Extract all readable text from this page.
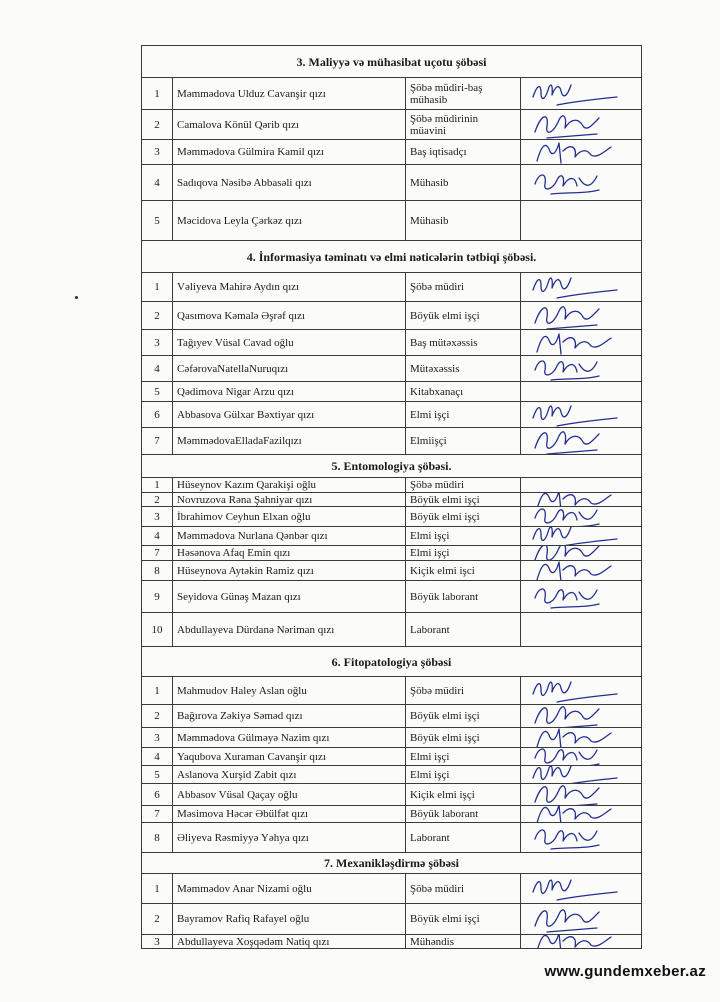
3. Maliyyə və mühasibat uçotu şöbəsi			
1	Məmmədova Ulduz Cavanşir qızı	Şöbə müdiri-baş mühasib	

2	Camalova Könül Qərib qızı	Şöbə müdirinin müavini	

3	Məmmədova Gülmira Kamil qızı	Baş iqtisadçı	

4	Sadıqova Nəsibə Abbasəli qızı	Mühasib	

5	Məcidova Leyla Çərkəz qızı	Mühasib	
4. İnformasiya təminatı və elmi nəticələrin tətbiqi şöbəsi.			
1	Vəliyeva Mahirə Aydın qızı	Şöbə müdiri	

2	Qasımova Kəmalə Əşrəf qızı	Böyük elmi işçi	

3	Tağıyev Vüsal Cavad oğlu	Baş mütəxəssis	

4	CəfərovaNatellaNuruqızı	Mütəxəssis	

5	Qədimova Nigar Arzu qızı	Kitabxanaçı	
6	Abbasova Gülxar Bəxtiyar qızı	Elmi işçi	

7	MəmmədovaElladaFazilqızı	Elmiişçi	

5. Entomologiya şöbəsi.			
1	Hüseynov Kazım Qarakişi oğlu	Şöbə müdiri	
2	Novruzova Rəna Şahniyar qızı	Böyük elmi işçi	

3	İbrahimov Ceyhun Elxan oğlu	Böyük elmi işçi	

4	Məmmədova Nurlana Qənbər qızı	Elmi işçi	

7	Həsənova Afaq Emin qızı	Elmi işçi	

8	Hüseynova Aytəkin Ramiz qızı	Kiçik elmi işci	

9	Seyidova Günəş Mazan qızı	Böyük laborant	

10	Abdullayeva Dürdanə Nəriman qızı	Laborant	
6. Fitopatologiya şöbəsi			
1	Mahmudov Haley Aslan oğlu	Şöbə müdiri	

2	Bağırova Zəkiyə Səməd qızı	Böyük elmi işçi	

3	Məmmədova Gülməyə Nazim qızı	Böyük elmi işçi	

4	Yaqubova Xuraman Cavanşir qızı	Elmi işçi	

5	Aslanova Xurşid Zabit qızı	Elmi işçi	

6	Abbasov Vüsal Qaçay oğlu	Kiçik elmi işçi	

7	Məsimova Həcər Əbülfət qızı	Böyük laborant	

8	Əliyeva Rəsmiyyə Yəhya qızı	Laborant	

7. Mexanikləşdirmə şöbəsi			
1	Məmmədov Anar Nizami oğlu	Şöbə müdiri	

2	Bayramov Rafiq Rafayel oğlu	Böyük elmi işçi	

3	Abdullayeva Xoşqədəm Natiq qızı	Mühəndis	
www.gundemxeber.az
